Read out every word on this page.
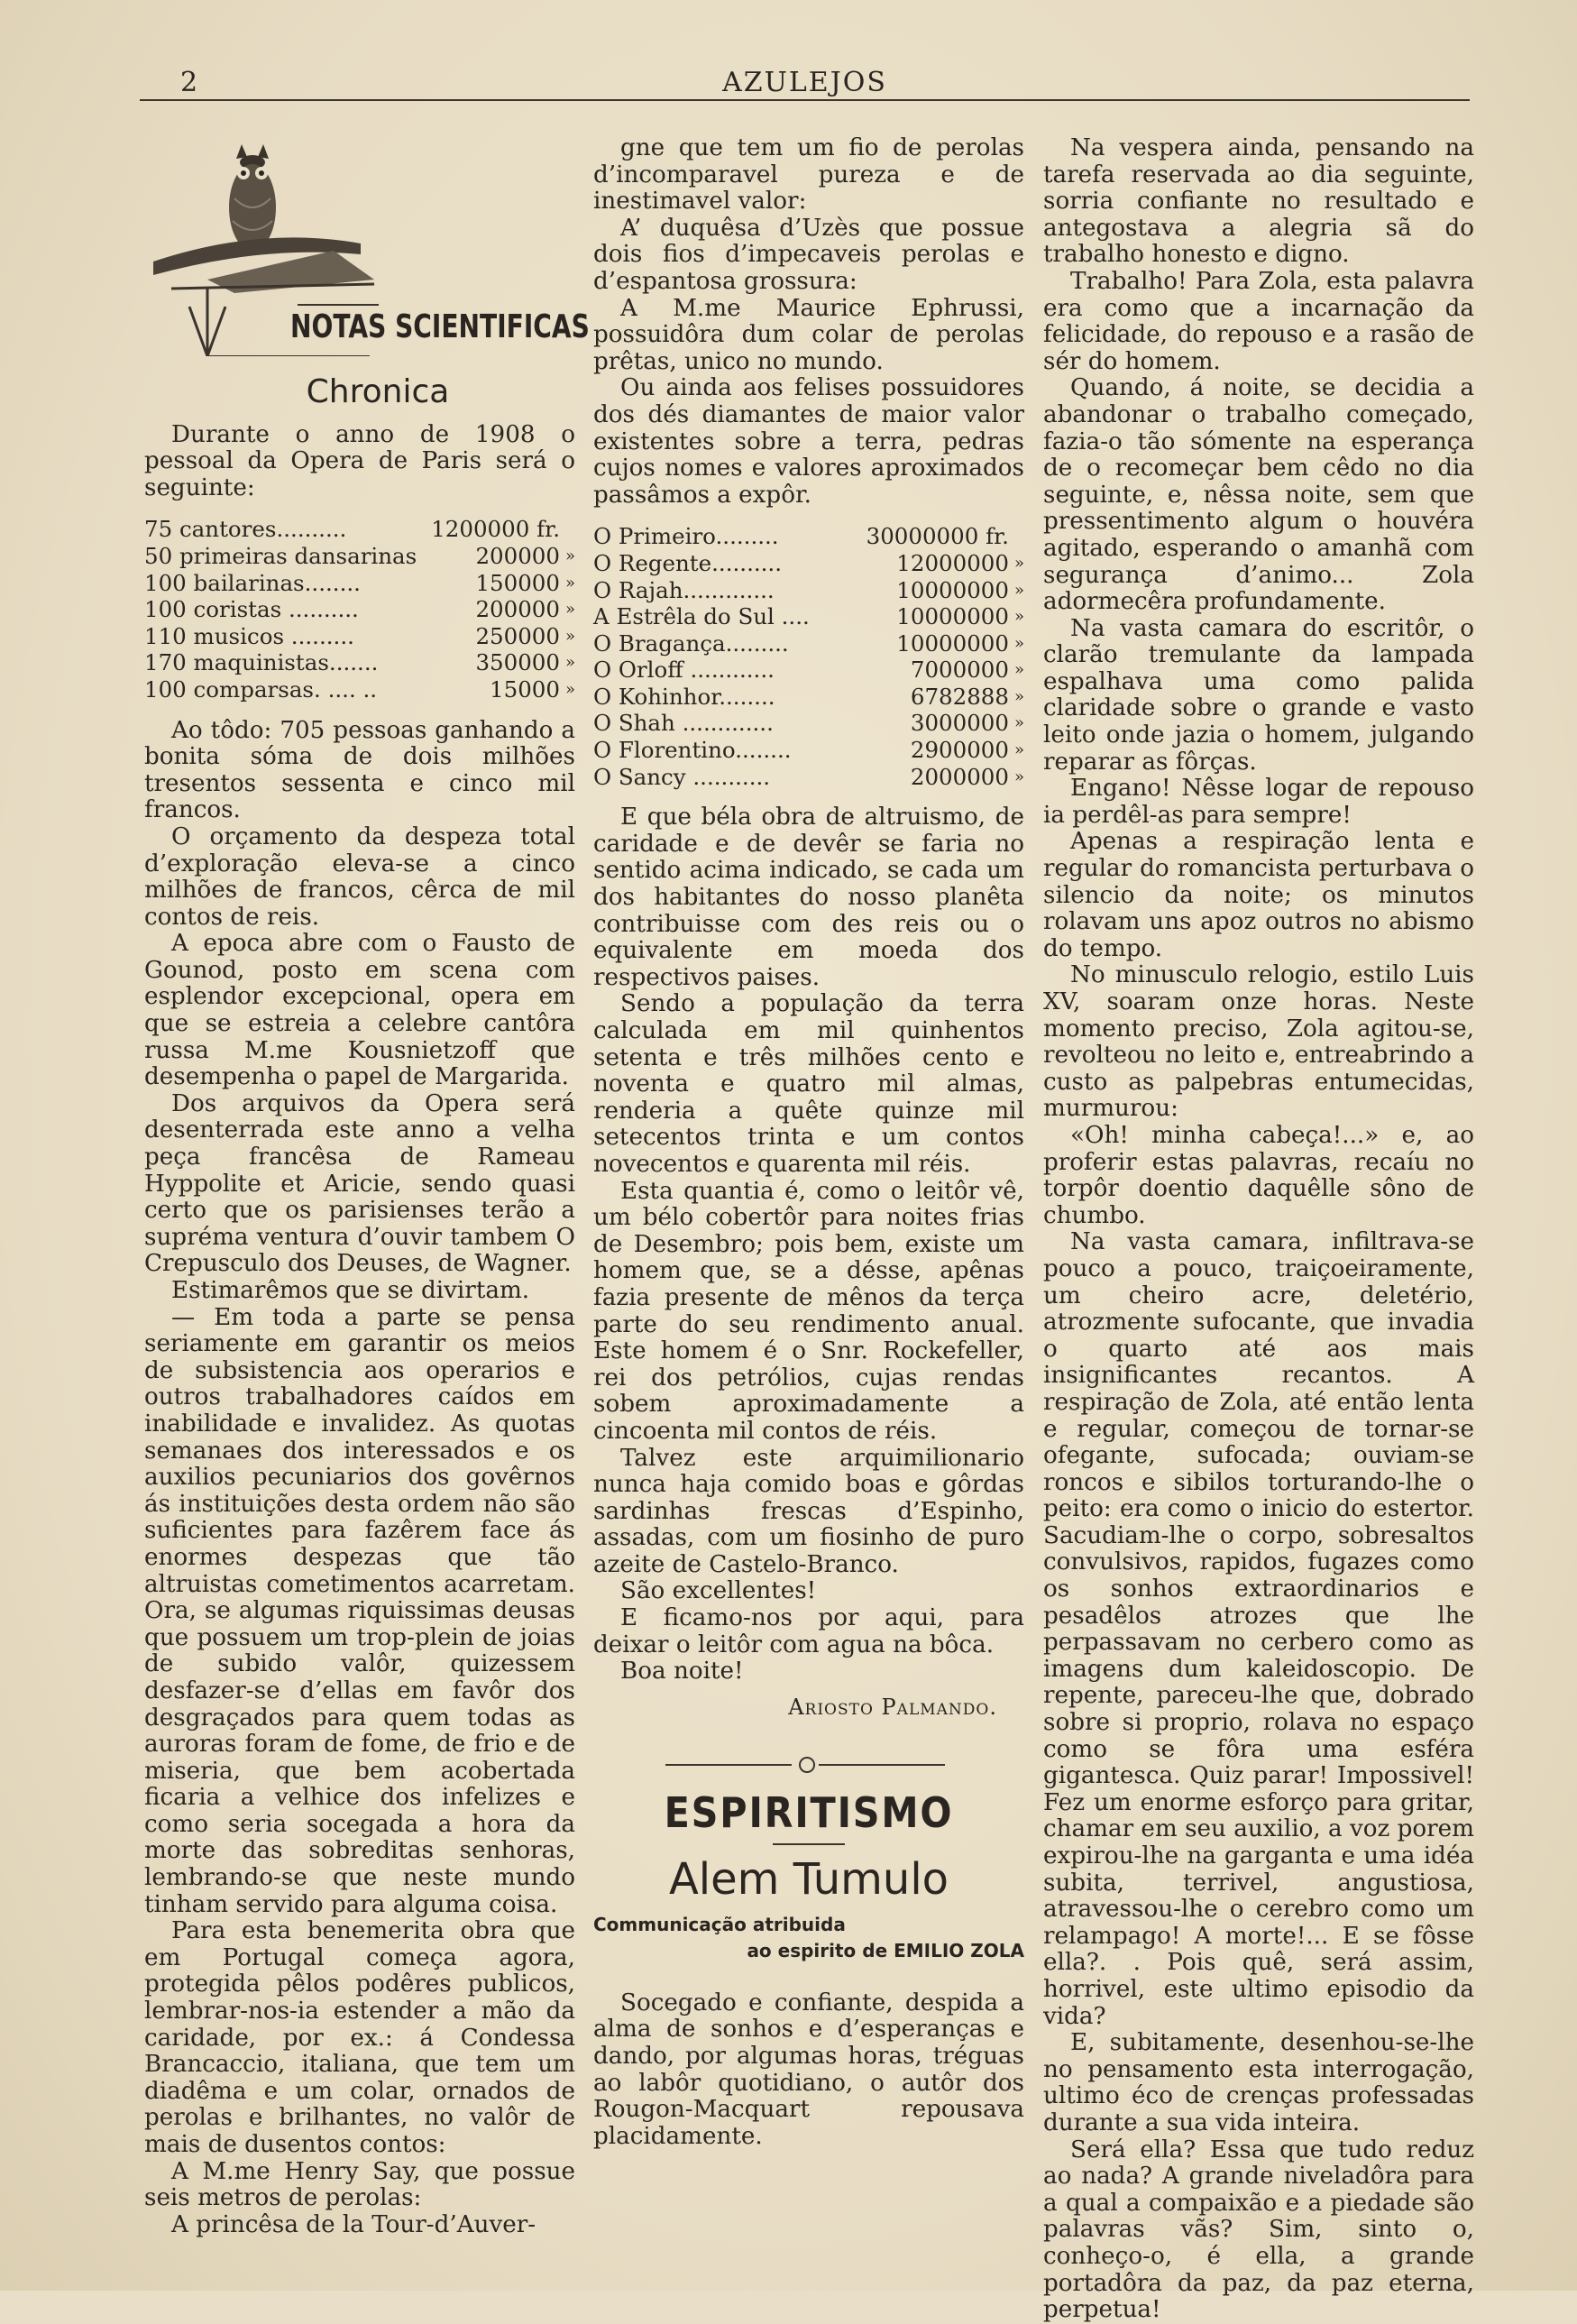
2	AZULEJOS
NOTAS SCIENTIFICAS
Chronica

Durante o anno de 1908 o pessoal da Opera de Paris será o seguinte:

75 cantores..........	1200000 fr.	
50 primeiras dansarinas	200000	»
100 bailarinas........	150000	»
100 coristas ..........	200000	»
110 musicos .........	250000	»
170 maquinistas.......	350000	»
100 comparsas. .... ..	15000	»

Ao tôdo: 705 pessoas ganhando a bonita sóma de dois milhões tresentos sessenta e cinco mil francos.

O orçamento da despeza total d’exploração eleva-se a cinco milhões de francos, cêrca de mil contos de reis.

A epoca abre com o Fausto de Gounod, posto em scena com esplendor excepcional, opera em que se estreia a celebre cantôra russa M.me Kousnietzoff que desempenha o papel de Margarida.

Dos arquivos da Opera será desenterrada este anno a velha peça francêsa de Rameau Hyppolite et Aricie, sendo quasi certo que os parisienses terão a supréma ventura d’ouvir tambem O Crepusculo dos Deuses, de Wagner.

Estimarêmos que se divirtam.

— Em toda a parte se pensa seriamente em garantir os meios de subsistencia aos operarios e outros trabalhadores caídos em inabilidade e invalidez. As quotas semanaes dos interessados e os auxilios pecuniarios dos govêrnos ás instituições desta ordem não são suficientes para fazêrem face ás enormes despezas que tão altruistas cometimentos acarretam. Ora, se algumas riquissimas deusas que possuem um trop-plein de joias de subido valôr, quizessem desfazer-se d’ellas em favôr dos desgraçados para quem todas as auroras foram de fome, de frio e de miseria, que bem acobertada ficaria a velhice dos infelizes e como seria socegada a hora da morte das sobreditas senhoras, lembrando-se que neste mundo tinham servido para alguma coisa.

Para esta benemerita obra que em Portugal começa agora, protegida pêlos podêres publicos, lembrar-nos-ia estender a mão da caridade, por ex.: á Condessa Brancaccio, italiana, que tem um diadêma e um colar, ornados de perolas e brilhantes, no valôr de mais de dusentos contos:

A M.me Henry Say, que possue seis metros de perolas:

A princêsa de la Tour-d’Auver-

gne que tem um fio de perolas d’incomparavel pureza e de inestimavel valor:

A’ duquêsa d’Uzès que possue dois fios d’impecaveis perolas e d’espantosa grossura:

A M.me Maurice Ephrussi, possuidôra dum colar de perolas prêtas, unico no mundo.

Ou ainda aos felises possuidores dos dés diamantes de maior valor existentes sobre a terra, pedras cujos nomes e valores aproximados passâmos a expôr.

O Primeiro.........	30000000 fr.	
O Regente..........	12000000	»
O Rajah.............	10000000	»
A Estrêla do Sul ....	10000000	»
O Bragança.........	10000000	»
O Orloff ............	7000000	»
O Kohinhor........	6782888	»
O Shah .............	3000000	»
O Florentino........	2900000	»
O Sancy ...........	2000000	»

E que béla obra de altruismo, de caridade e de devêr se faria no sentido acima indicado, se cada um dos habitantes do nosso planêta contribuisse com des reis ou o equivalente em moeda dos respectivos paises.

Sendo a população da terra calculada em mil quinhentos setenta e três milhões cento e noventa e quatro mil almas, renderia a quête quinze mil setecentos trinta e um contos novecentos e quarenta mil réis.

Esta quantia é, como o leitôr vê, um bélo cobertôr para noites frias de Desembro; pois bem, existe um homem que, se a désse, apênas fazia presente de mênos da terça parte do seu rendimento anual. Este homem é o Snr. Rockefeller, rei dos petrólios, cujas rendas sobem aproximadamente a cincoenta mil contos de réis.

Talvez este arquimilionario nunca haja comido boas e gôrdas sardinhas frescas d’Espinho, assadas, com um fiosinho de puro azeite de Castelo-Branco.

São excellentes!

E ficamo-nos por aqui, para deixar o leitôr com agua na bôca.

Boa noite!

Ariosto Palmando.
ESPIRITISMO
Alem Tumulo
Communicação atribuida
ao espirito de EMILIO ZOLA

Socegado e confiante, despida a alma de sonhos e d’esperanças e dando, por algumas horas, tréguas ao labôr quotidiano, o autôr dos Rougon-Macquart repousava placidamente.

Na vespera ainda, pensando na tarefa reservada ao dia seguinte, sorria confiante no resultado e antegostava a alegria sã do trabalho honesto e digno.

Trabalho! Para Zola, esta palavra era como que a incarnação da felicidade, do repouso e a rasão de sér do homem.

Quando, á noite, se decidia a abandonar o trabalho começado, fazia-o tão sómente na esperança de o recomeçar bem cêdo no dia seguinte, e, nêssa noite, sem que pressentimento algum o houvéra agitado, esperando o amanhã com segurança d’animo... Zola adormecêra profundamente.

Na vasta camara do escritôr, o clarão tremulante da lampada espalhava uma como palida claridade sobre o grande e vasto leito onde jazia o homem, julgando reparar as fôrças.

Engano! Nêsse logar de repouso ia perdêl-as para sempre!

Apenas a respiração lenta e regular do romancista perturbava o silencio da noite; os minutos rolavam uns apoz outros no abismo do tempo.

No minusculo relogio, estilo Luis XV, soaram onze horas. Neste momento preciso, Zola agitou-se, revolteou no leito e, entreabrindo a custo as palpebras entumecidas, murmurou:

«Oh! minha cabeça!...» e, ao proferir estas palavras, recaíu no torpôr doentio daquêlle sôno de chumbo.

Na vasta camara, infiltrava-se pouco a pouco, traiçoeiramente, um cheiro acre, deletério, atrozmente sufocante, que invadia o quarto até aos mais insignificantes recantos. A respiração de Zola, até então lenta e regular, começou de tornar-se ofegante, sufocada; ouviam-se roncos e sibilos torturando-lhe o peito: era como o inicio do estertor. Sacudiam-lhe o corpo, sobresaltos convulsivos, rapidos, fugazes como os sonhos extraordinarios e pesadêlos atrozes que lhe perpassavam no cerbero como as imagens dum kaleidoscopio. De repente, pareceu-lhe que, dobrado sobre si proprio, rolava no espaço como se fôra uma esféra gigantesca. Quiz parar! Impossivel! Fez um enorme esforço para gritar, chamar em seu auxilio, a voz porem expirou-lhe na garganta e uma idéa subita, terrivel, angustiosa, atravessou-lhe o cerebro como um relampago! A morte!... E se fôsse ella?. . Pois quê, será assim, horrivel, este ultimo episodio da vida?

E, subitamente, desenhou-se-lhe no pensamento esta interrogação, ultimo éco de crenças professadas durante a sua vida inteira.

Será ella? Essa que tudo reduz ao nada? A grande niveladôra para a qual a compaixão e a piedade são palavras vãs? Sim, sinto o, conheço-o, é ella, a grande portadôra da paz, da paz eterna, perpetua!
